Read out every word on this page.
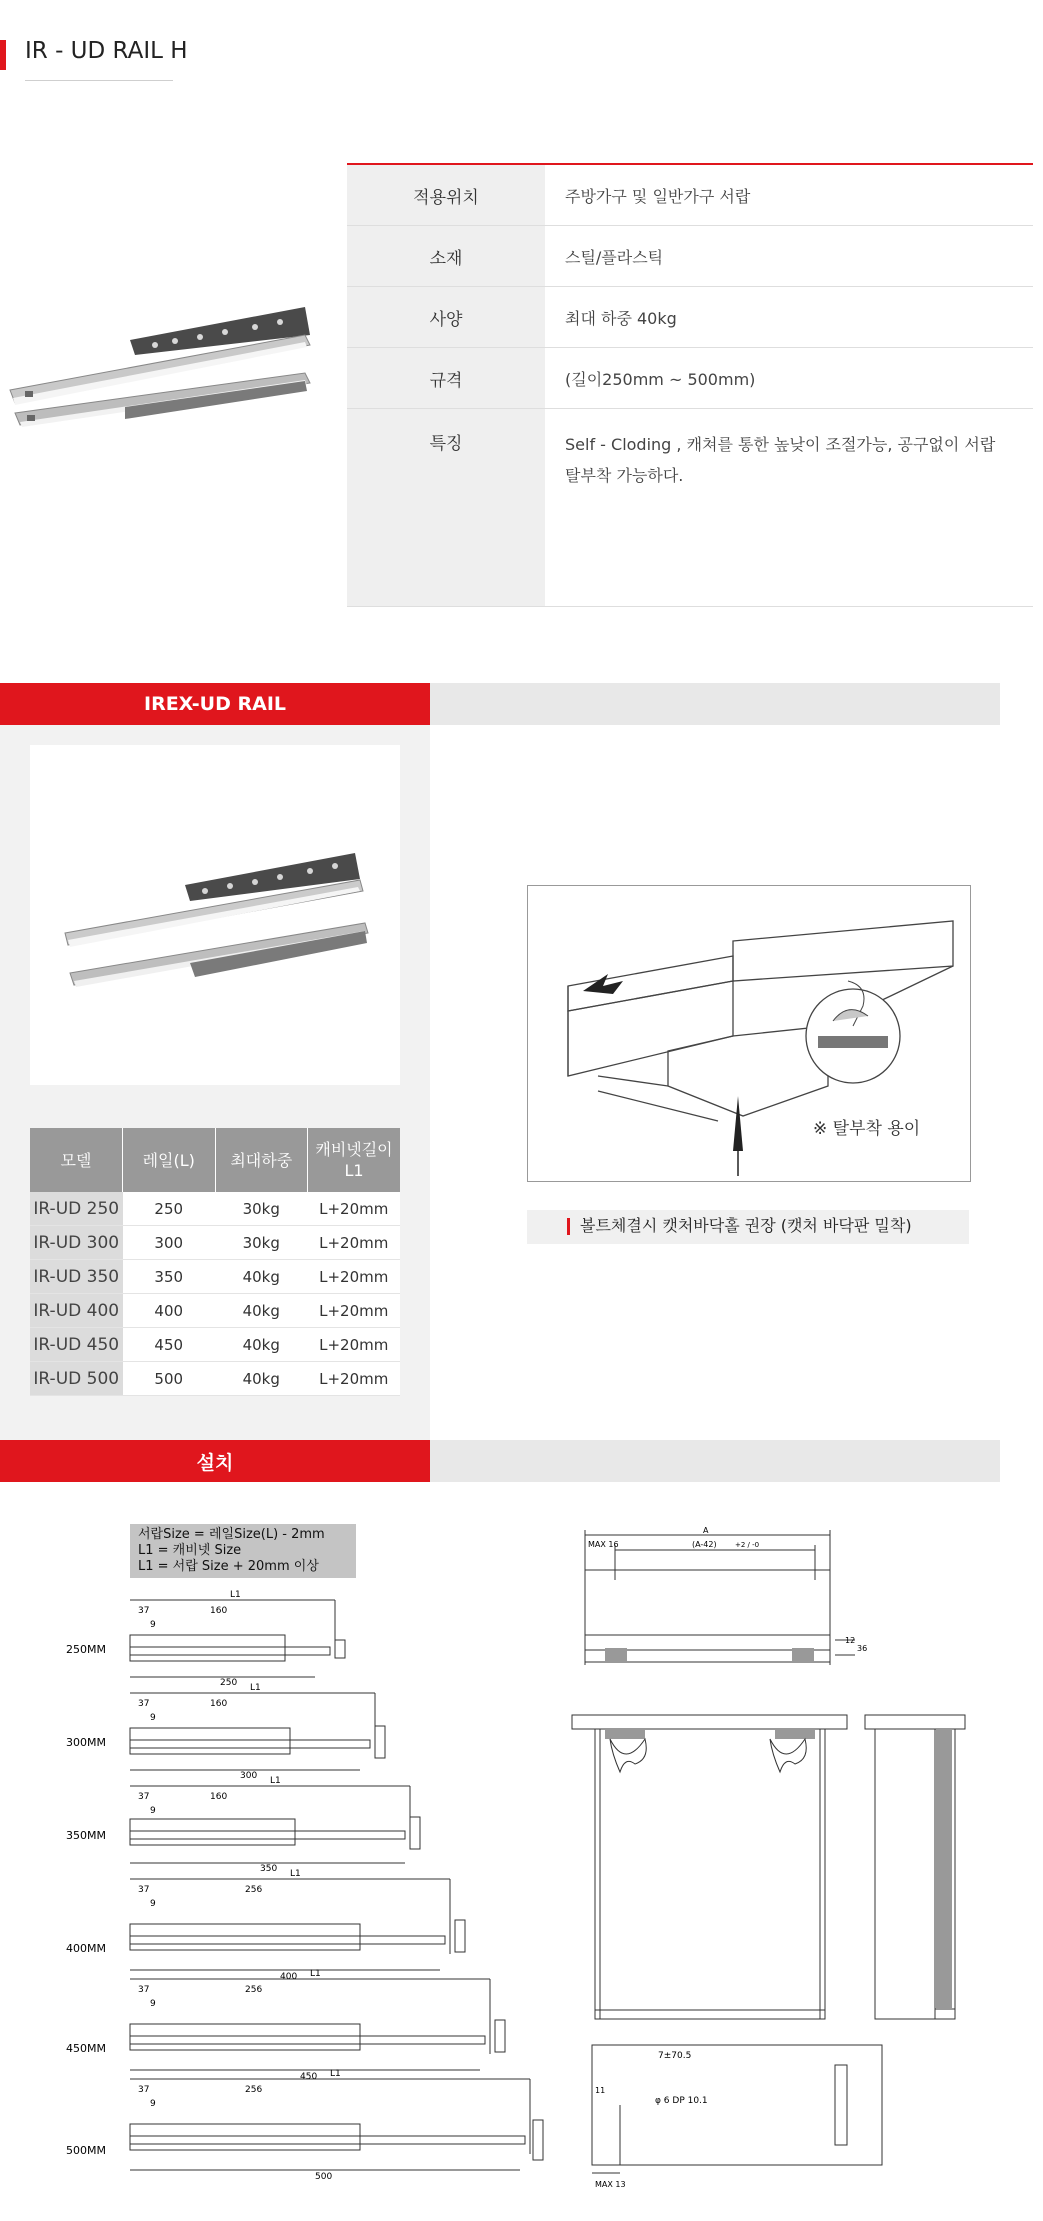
IR - UD RAIL H
적용위치	주방가구 및 일반가구 서랍
소재	스틸/플라스틱
사양	최대 하중 40kg
규격	(길이250mm ~ 500mm)
특징	Self - Cloding , 캐쳐를 통한 높낮이 조절가능, 공구없이 서랍
탈부착 가능하다.
IREX-UD RAIL
모델	레일(L)	최대하중	캐비넷길이
L1

IR-UD 250	250	30kg	L+20mm
IR-UD 300	300	30kg	L+20mm
IR-UD 350	350	40kg	L+20mm
IR-UD 400	400	40kg	L+20mm
IR-UD 450	450	40kg	L+20mm
IR-UD 500	500	40kg	L+20mm
※ 탈부착 용이
볼트체결시 캣처바닥홀 권장 (캣처 바닥판 밀착)
설치
서랍Size = 레일Size(L) - 2mm
L1 = 캐비넷 Size
L1 = 서랍 Size + 20mm 이상
250MM
L1
37	160
9
250
300MM
L1
37	160
9
300
350MM
L1
37	160
9
350
400MM
L1
37	256
9
400
450MM
L1
37	256
9
450
500MM
L1
37	256
9
500
A
MAX 16	(A-42)	+2 / -0
36
12
7±70.5
11
φ 6 DP 10.1
MAX 13
